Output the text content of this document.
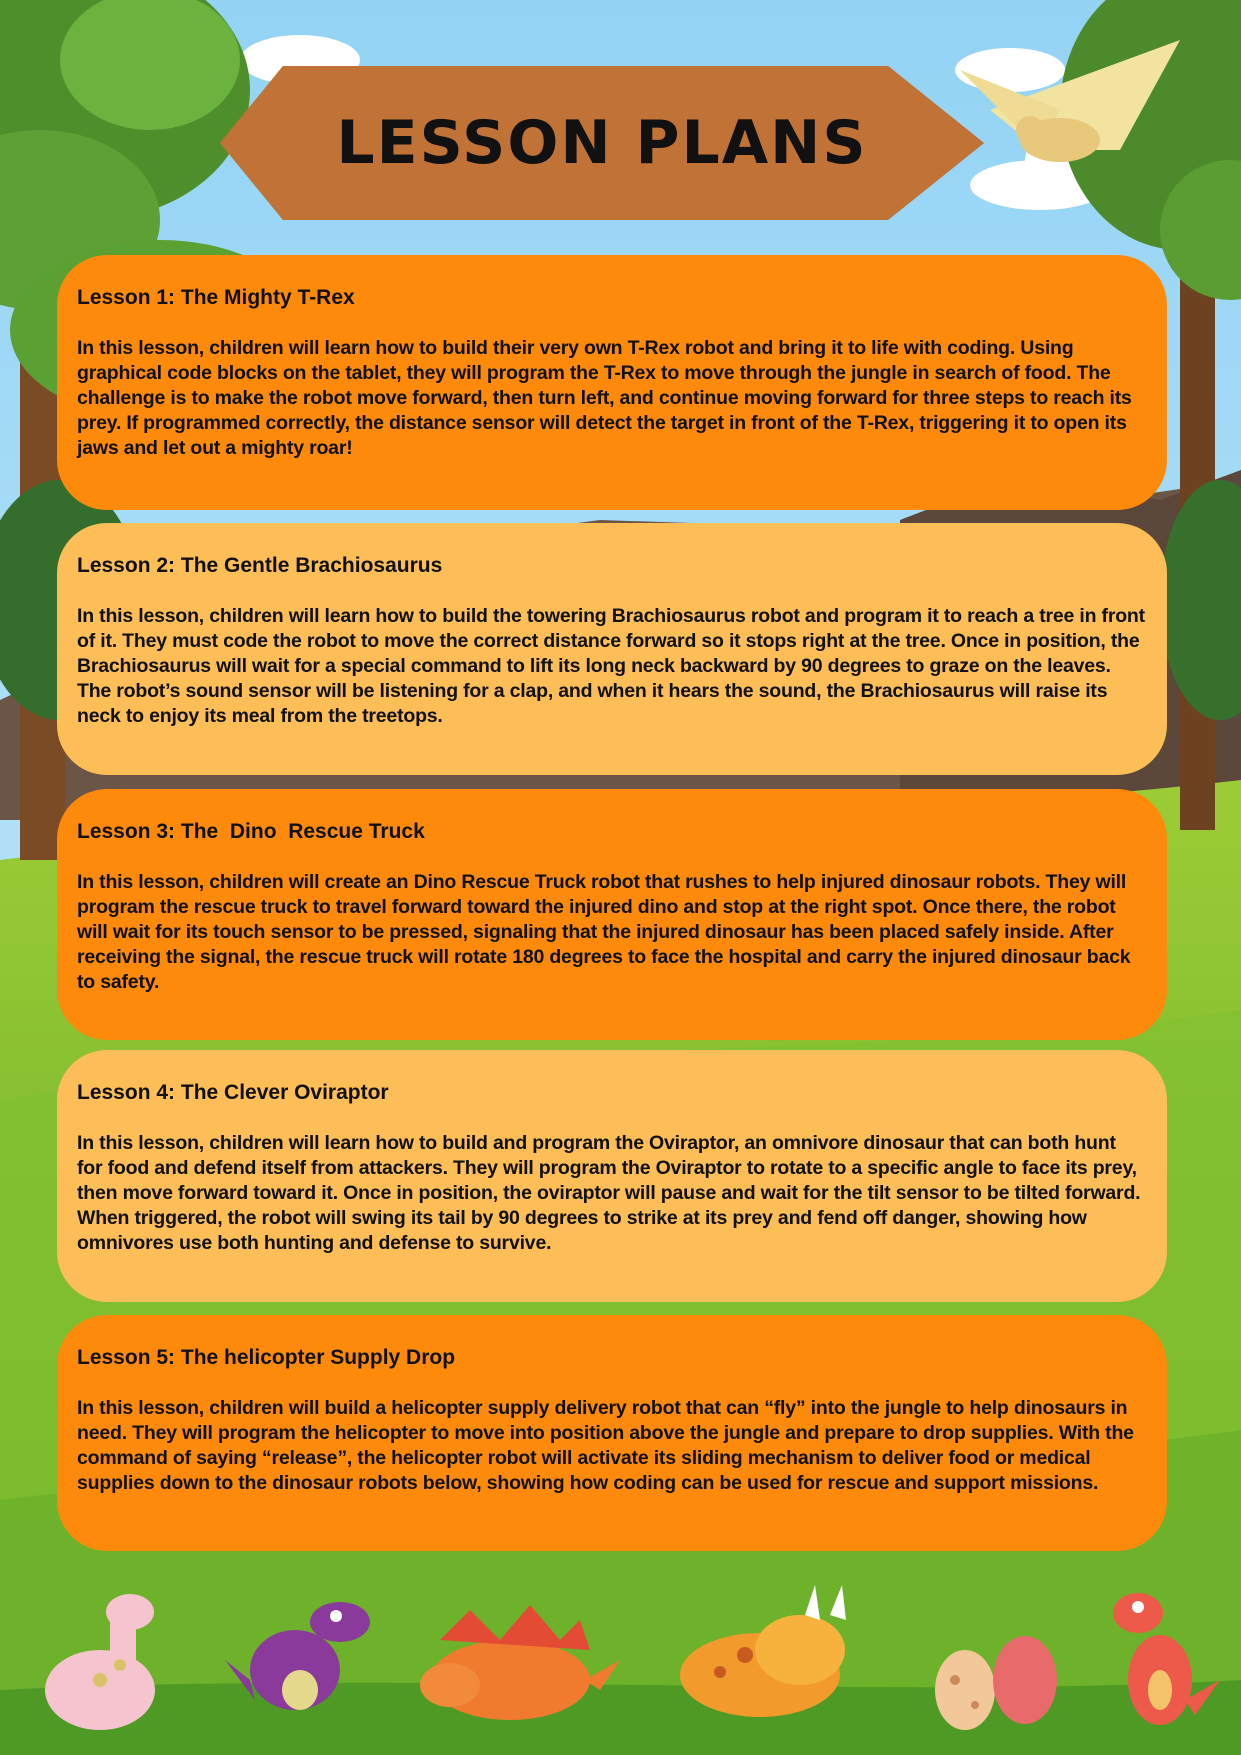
LESSON PLANS
Lesson 1: The Mighty T-Rex

In this lesson, children will learn how to build their very own T-Rex robot and bring it to life with coding. Using graphical code blocks on the tablet, they will program the T-Rex to move through the jungle in search of food. The challenge is to make the robot move forward, then turn left, and continue moving forward for three steps to reach its prey. If programmed correctly, the distance sensor will detect the target in front of the T-Rex, triggering it to open its jaws and let out a mighty roar!

Lesson 2: The Gentle Brachiosaurus

In this lesson, children will learn how to build the towering Brachiosaurus robot and program it to reach a tree in front of it. They must code the robot to move the correct distance forward so it stops right at the tree. Once in position, the Brachiosaurus will wait for a special command to lift its long neck backward by 90 degrees to graze on the leaves. The robot’s sound sensor will be listening for a clap, and when it hears the sound, the Brachiosaurus will raise its neck to enjoy its meal from the treetops.

Lesson 3: The  Dino  Rescue Truck

In this lesson, children will create an Dino Rescue Truck robot that rushes to help injured dinosaur robots. They will program the rescue truck to travel forward toward the injured dino and stop at the right spot. Once there, the robot will wait for its touch sensor to be pressed, signaling that the injured dinosaur has been placed safely inside. After receiving the signal, the rescue truck will rotate 180 degrees to face the hospital and carry the injured dinosaur back to safety.

Lesson 4: The Clever Oviraptor

In this lesson, children will learn how to build and program the Oviraptor, an omnivore dinosaur that can both hunt for food and defend itself from attackers. They will program the Oviraptor to rotate to a specific angle to face its prey, then move forward toward it. Once in position, the oviraptor will pause and wait for the tilt sensor to be tilted forward. When triggered, the robot will swing its tail by 90 degrees to strike at its prey and fend off danger, showing how omnivores use both hunting and defense to survive.

Lesson 5: The helicopter Supply Drop

In this lesson, children will build a helicopter supply delivery robot that can “fly” into the jungle to help dinosaurs in need. They will program the helicopter to move into position above the jungle and prepare to drop supplies. With the command of saying “release”, the helicopter robot will activate its sliding mechanism to deliver food or medical supplies down to the dinosaur robots below, showing how coding can be used for rescue and support missions.
